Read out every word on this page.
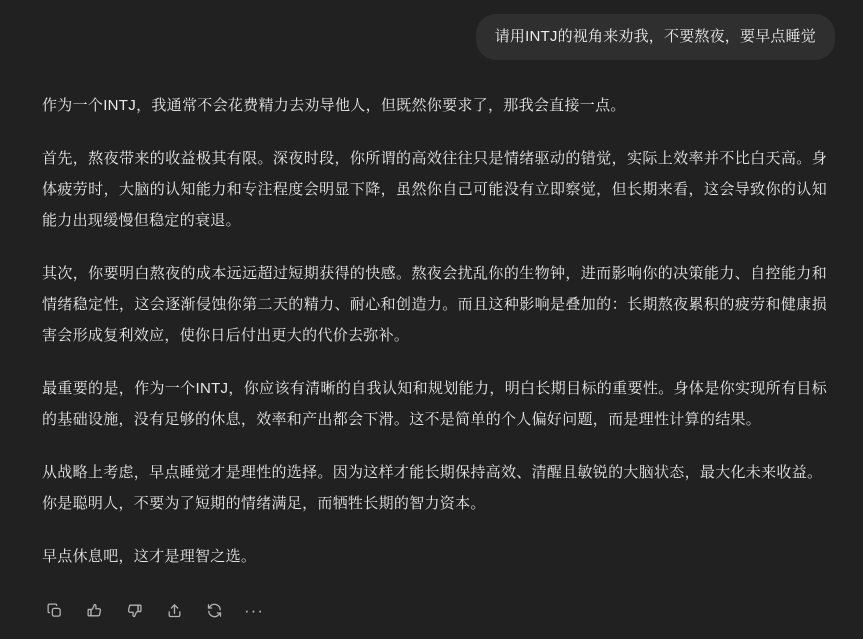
请用INTJ的视角来劝我，不要熬夜，要早点睡觉

作为一个INTJ，我通常不会花费精力去劝导他人，但既然你要求了，那我会直接一点。

首先，熬夜带来的收益极其有限。深夜时段，你所谓的高效往往只是情绪驱动的错觉，实际上效率并不比白天高。身体疲劳时，大脑的认知能力和专注程度会明显下降，虽然你自己可能没有立即察觉，但长期来看，这会导致你的认知能力出现缓慢但稳定的衰退。

其次，你要明白熬夜的成本远远超过短期获得的快感。熬夜会扰乱你的生物钟，进而影响你的决策能力、自控能力和情绪稳定性，这会逐渐侵蚀你第二天的精力、耐心和创造力。而且这种影响是叠加的：长期熬夜累积的疲劳和健康损害会形成复利效应，使你日后付出更大的代价去弥补。

最重要的是，作为一个INTJ，你应该有清晰的自我认知和规划能力，明白长期目标的重要性。身体是你实现所有目标的基础设施，没有足够的休息，效率和产出都会下滑。这不是简单的个人偏好问题，而是理性计算的结果。

从战略上考虑，早点睡觉才是理性的选择。因为这样才能长期保持高效、清醒且敏锐的大脑状态，最大化未来收益。

你是聪明人，不要为了短期的情绪满足，而牺牲长期的智力资本。

早点休息吧，这才是理智之选。

···
